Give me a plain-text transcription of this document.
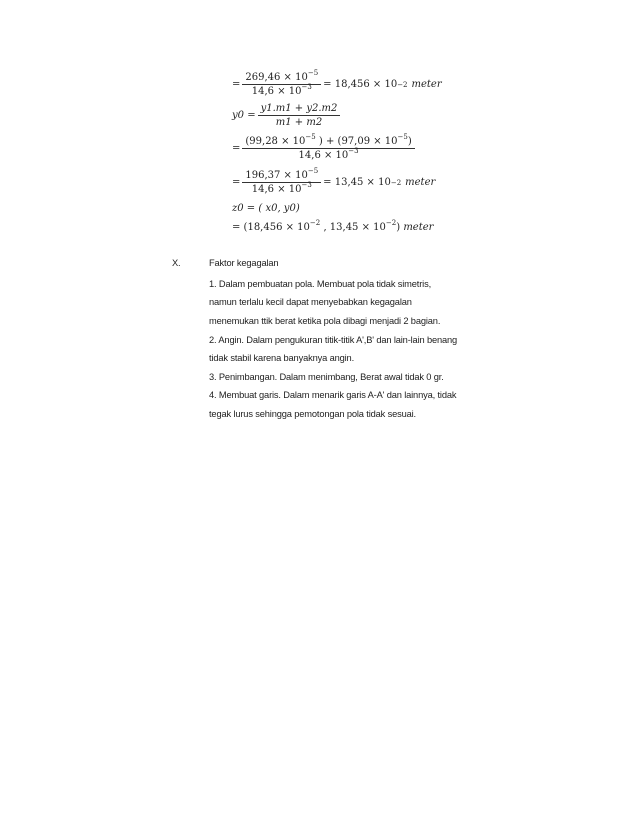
= $\frac{269,46 \times 10^{-5}}{14,6 \times 10^{-3}} = 18,456 \times 10 -2$ meter
$y0 = \frac{y1.m1 + y2.m2}{m1 + m2}$
= $\frac{(99,28 \times 10^{-5} ) + (97,09 \times 10^{-5})}{14,6 \times 10^{-3}}$
= $\frac{196,37 \times 10^{-5}}{14,6 \times 10^{-3}} = 13,45 \times 10 -2$ meter
z0 = ( x0, y0)
= ($18,456 \times 10^{-2}$ , $13,45 \times 10^{-2}$) meter
X.	Faktor kegagalan
1. Dalam pembuatan pola. Membuat pola tidak simetris,
namun terlalu kecil dapat menyebabkan kegagalan
menemukan ttik berat ketika pola dibagi menjadi 2 bagian.
2. Angin. Dalam pengukuran titik-titik A',B' dan lain-lain benang
tidak stabil karena banyaknya angin.
3. Penimbangan. Dalam menimbang, Berat awal tidak 0 gr.
4. Membuat garis. Dalam menarik garis A-A' dan lainnya, tidak
tegak lurus sehingga pemotongan pola tidak sesuai.
